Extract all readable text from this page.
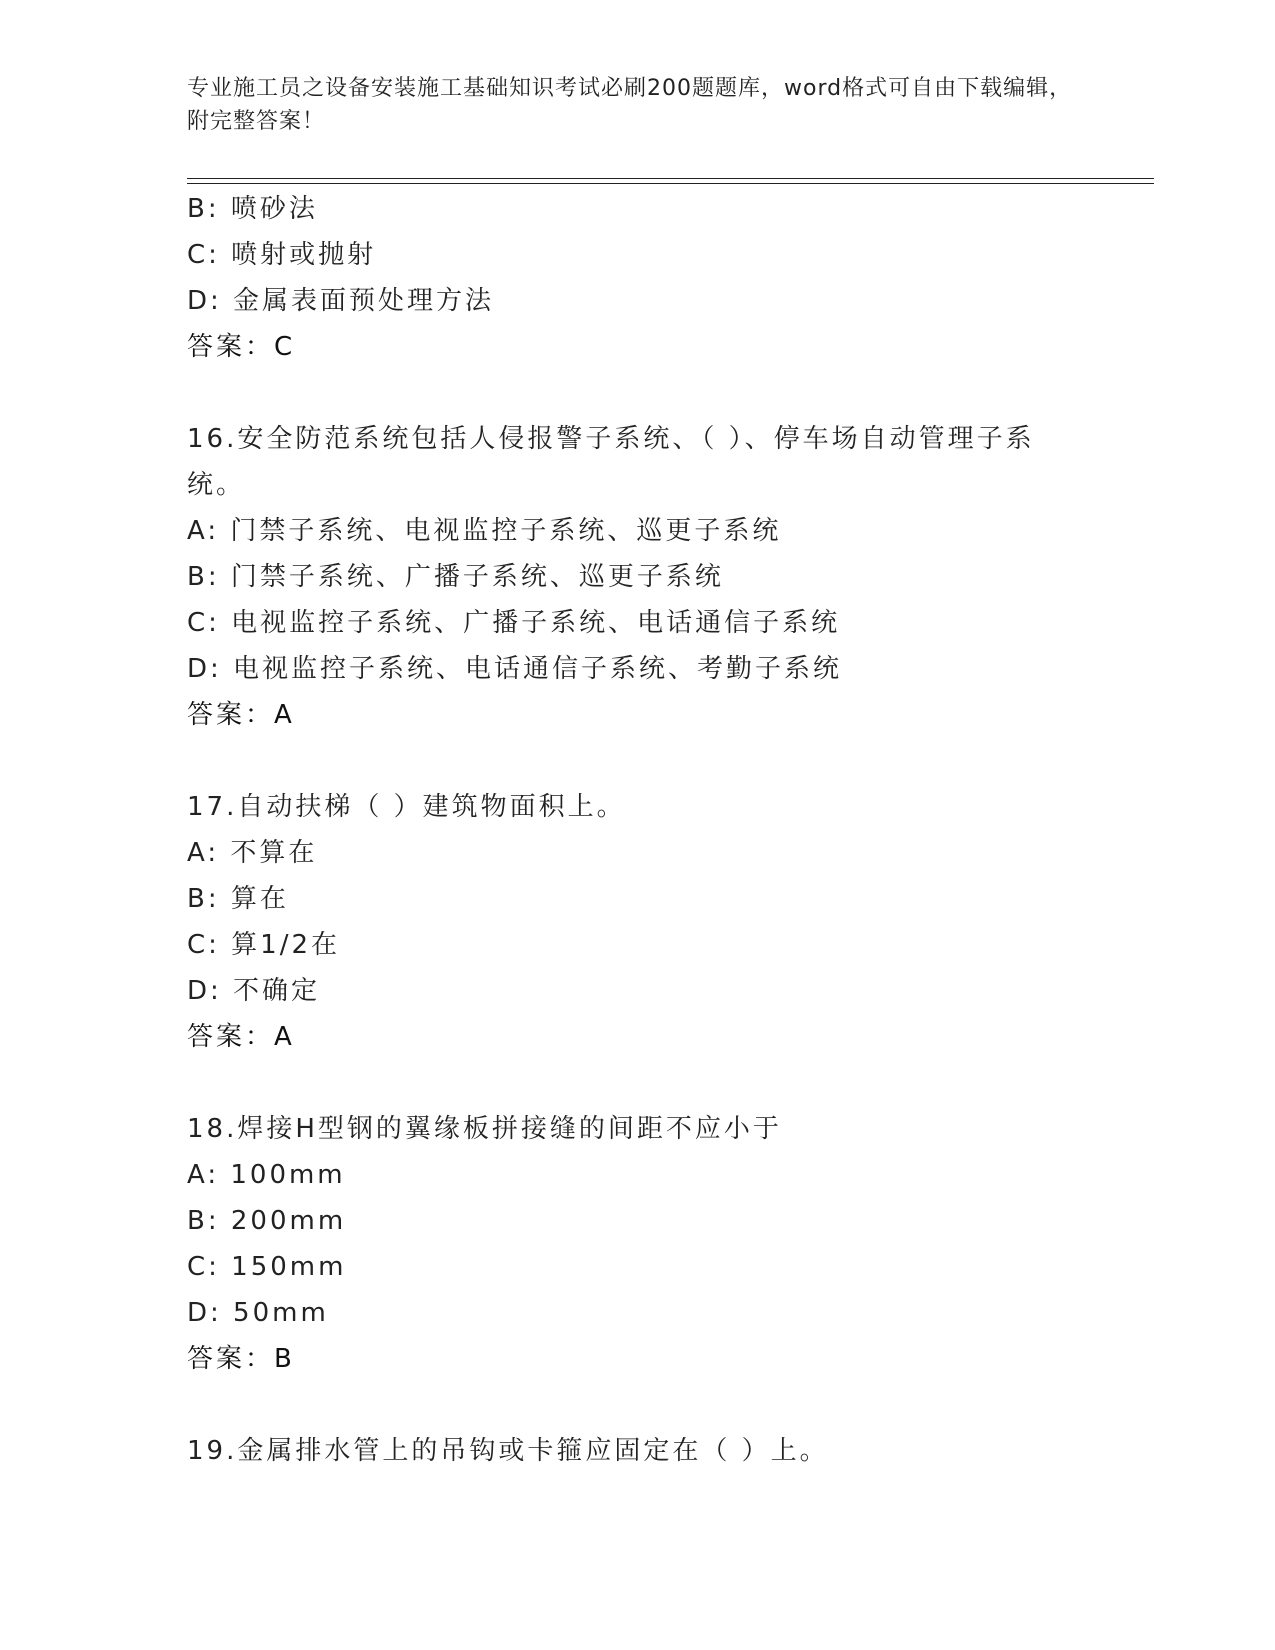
专业施工员之设备安装施工基础知识考试必刷200题题库，word格式可自由下载编辑，附完整答案！
B: 喷砂法
C: 喷射或抛射
D: 金属表面预处理方法
答案：C
16.安全防范系统包括人侵报警子系统、（ ）、停车场自动管理子系统。
A: 门禁子系统、电视监控子系统、巡更子系统
B: 门禁子系统、广播子系统、巡更子系统
C: 电视监控子系统、广播子系统、电话通信子系统
D: 电视监控子系统、电话通信子系统、考勤子系统
答案：A
17.自动扶梯（ ）建筑物面积上。
A: 不算在
B: 算在
C: 算1/2在
D: 不确定
答案：A
18.焊接H型钢的翼缘板拼接缝的间距不应小于
A: 100mm
B: 200mm
C: 150mm
D: 50mm
答案：B
19.金属排水管上的吊钩或卡箍应固定在（ ）上。
